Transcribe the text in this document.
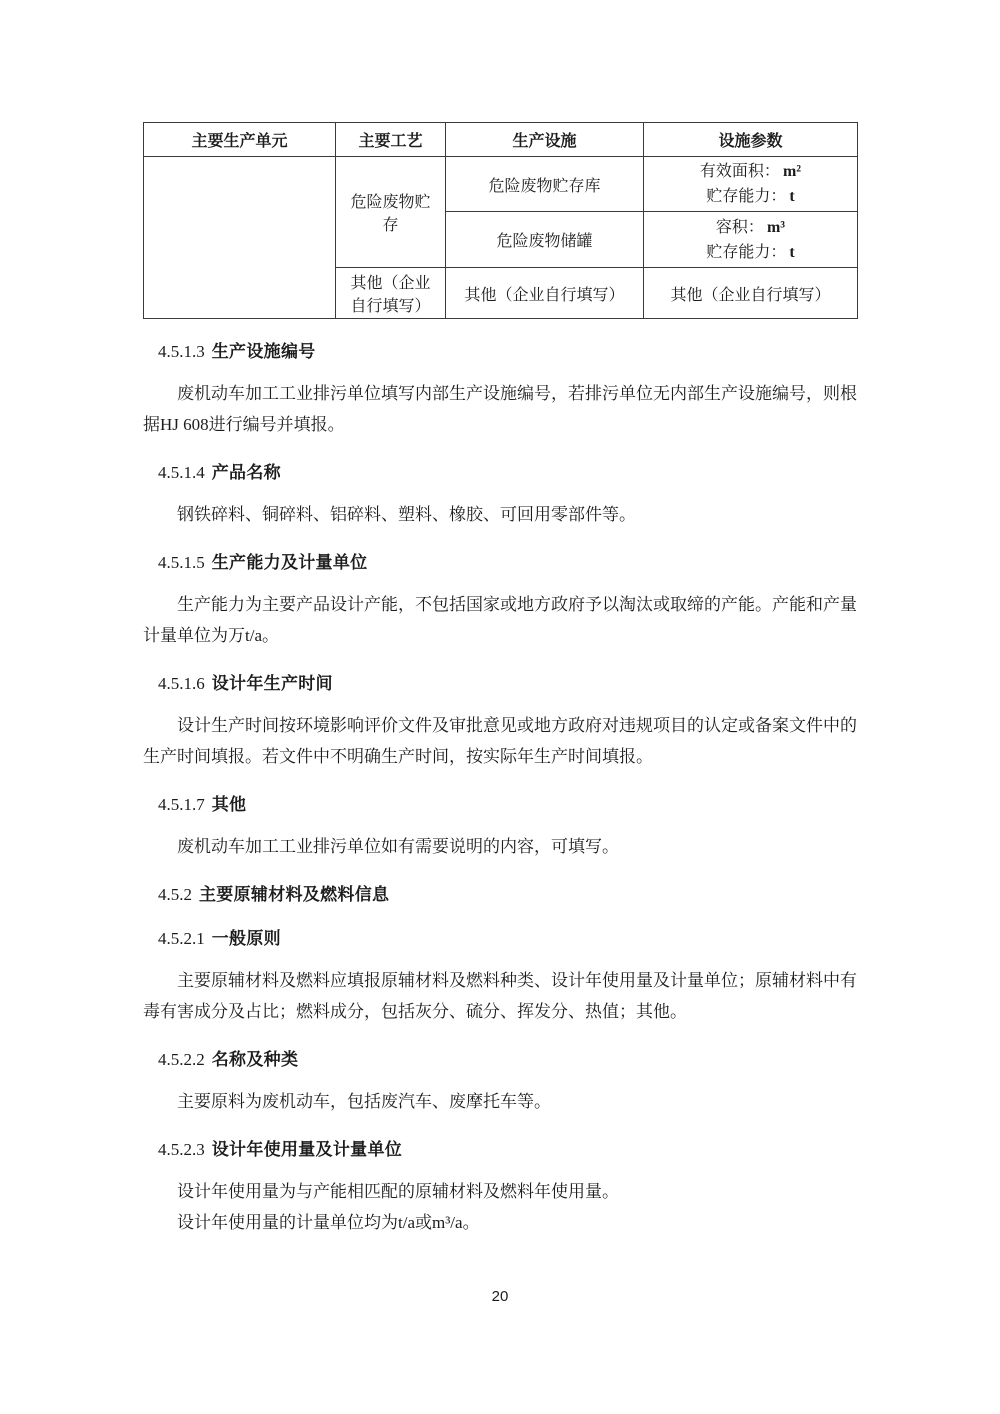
主要生产单元	主要工艺	生产设施	设施参数
	危险废物贮存	危险废物贮存库	有效面积： m²
贮存能力： t

		危险废物储罐	容积： m³
贮存能力： t

	其他（企业自行填写）	其他（企业自行填写）	其他（企业自行填写）
4.5.1.3 生产设施编号

废机动车加工工业排污单位填写内部生产设施编号，若排污单位无内部生产设施编号，则根据HJ 608进行编号并填报。

4.5.1.4 产品名称

钢铁碎料、铜碎料、铝碎料、塑料、橡胶、可回用零部件等。

4.5.1.5 生产能力及计量单位

生产能力为主要产品设计产能，不包括国家或地方政府予以淘汰或取缔的产能。产能和产量计量单位为万t/a。

4.5.1.6 设计年生产时间

设计生产时间按环境影响评价文件及审批意见或地方政府对违规项目的认定或备案文件中的生产时间填报。若文件中不明确生产时间，按实际年生产时间填报。

4.5.1.7 其他

废机动车加工工业排污单位如有需要说明的内容，可填写。

4.5.2 主要原辅材料及燃料信息
4.5.2.1 一般原则

主要原辅材料及燃料应填报原辅材料及燃料种类、设计年使用量及计量单位；原辅材料中有毒有害成分及占比；燃料成分，包括灰分、硫分、挥发分、热值；其他。

4.5.2.2 名称及种类

主要原料为废机动车，包括废汽车、废摩托车等。

4.5.2.3 设计年使用量及计量单位

设计年使用量为与产能相匹配的原辅材料及燃料年使用量。

设计年使用量的计量单位均为t/a或m³/a。

20
